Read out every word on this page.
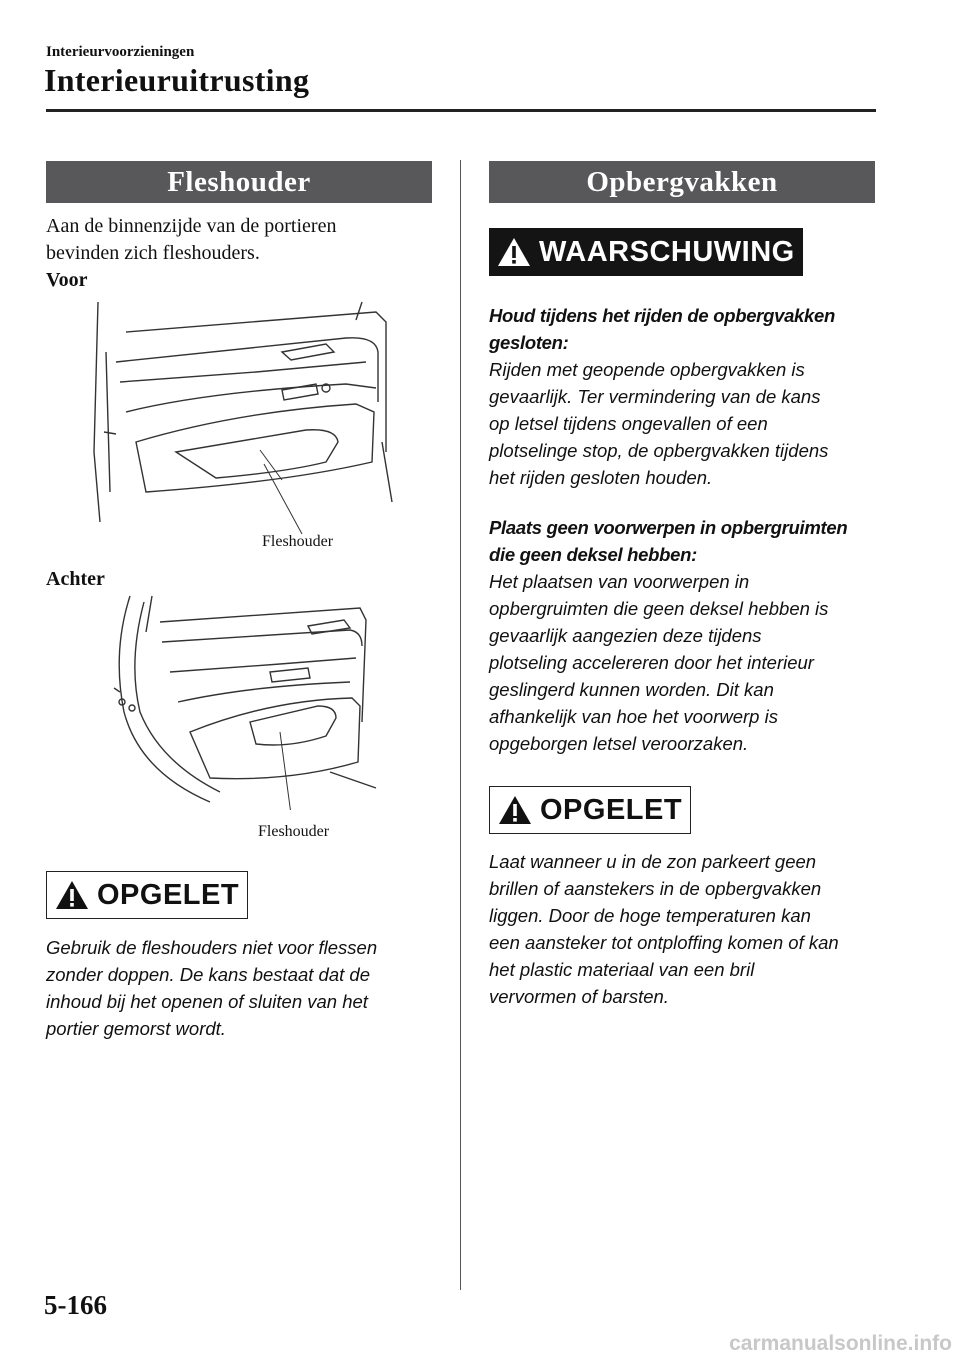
Interieurvoorzieningen
Interieuruitrusting
Fleshouder

Aan de binnenzijde van de portieren

bevinden zich fleshouders.

Voor
Fleshouder
Achter
Fleshouder
OPGELET

Gebruik de fleshouders niet voor flessen

zonder doppen. De kans bestaat dat de

inhoud bij het openen of sluiten van het

portier gemorst wordt.

Opbergvakken
WAARSCHUWING

Houd tijdens het rijden de opbergvakken

gesloten:

Rijden met geopende opbergvakken is

gevaarlijk. Ter vermindering van de kans

op letsel tijdens ongevallen of een

plotselinge stop, de opbergvakken tijdens

het rijden gesloten houden.

Plaats geen voorwerpen in opbergruimten

die geen deksel hebben:

Het plaatsen van voorwerpen in

opbergruimten die geen deksel hebben is

gevaarlijk aangezien deze tijdens

plotseling accelereren door het interieur

geslingerd kunnen worden. Dit kan

afhankelijk van hoe het voorwerp is

opgeborgen letsel veroorzaken.

OPGELET

Laat wanneer u in de zon parkeert geen

brillen of aanstekers in de opbergvakken

liggen. Door de hoge temperaturen kan

een aansteker tot ontploffing komen of kan

het plastic materiaal van een bril

vervormen of barsten.

5-166
carmanualsonline.info
